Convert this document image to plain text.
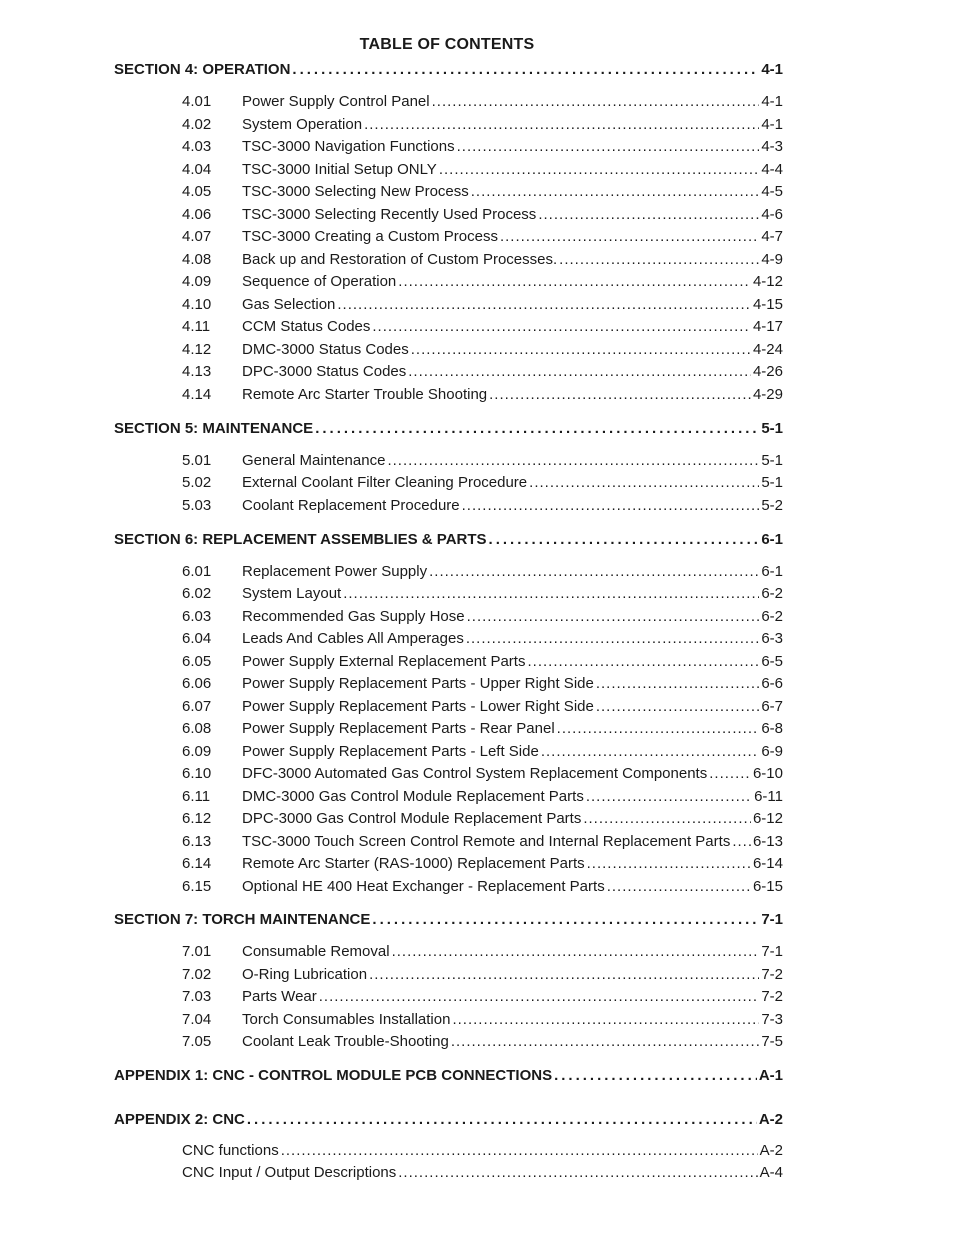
TABLE OF CONTENTS
SECTION 4: OPERATION .....	4-1
4.01	Power Supply Control Panel .....	4-1
4.02	System Operation .....	4-1
4.03	TSC-3000 Navigation Functions .....	4-3
4.04	TSC-3000 Initial Setup ONLY .....	4-4
4.05	TSC-3000 Selecting New Process .....	4-5
4.06	TSC-3000 Selecting Recently Used Process .....	4-6
4.07	TSC-3000 Creating a Custom Process .....	4-7
4.08	Back up and Restoration of Custom Processes. .....	4-9
4.09	Sequence of Operation .....	4-12
4.10	Gas Selection .....	4-15
4.11	CCM Status Codes .....	4-17
4.12	DMC-3000 Status Codes .....	4-24
4.13	DPC-3000 Status Codes .....	4-26
4.14	Remote Arc Starter Trouble Shooting .....	4-29
SECTION 5: MAINTENANCE .....	5-1
5.01	General Maintenance .....	5-1
5.02	External Coolant Filter Cleaning Procedure .....	5-1
5.03	Coolant Replacement Procedure .....	5-2
SECTION 6: REPLACEMENT ASSEMBLIES & PARTS .....	6-1
6.01	Replacement Power Supply .....	6-1
6.02	System Layout .....	6-2
6.03	Recommended Gas Supply Hose .....	6-2
6.04	Leads And Cables All Amperages .....	6-3
6.05	Power Supply External Replacement Parts .....	6-5
6.06	Power Supply Replacement Parts - Upper Right Side .....	6-6
6.07	Power Supply Replacement Parts - Lower Right Side .....	6-7
6.08	Power Supply Replacement Parts - Rear Panel .....	6-8
6.09	Power Supply Replacement Parts - Left Side .....	6-9
6.10	DFC-3000 Automated Gas Control System Replacement Components .....	6-10
6.11	DMC-3000 Gas Control Module Replacement Parts .....	6-11
6.12	DPC-3000 Gas Control Module Replacement Parts .....	6-12
6.13	TSC-3000 Touch Screen Control Remote and Internal Replacement Parts ..... 6-13
6.14	Remote Arc Starter (RAS-1000) Replacement Parts .....	6-14
6.15	Optional HE 400 Heat Exchanger - Replacement Parts .....	6-15
SECTION 7: TORCH MAINTENANCE .....	7-1
7.01	Consumable Removal .....	7-1
7.02	O-Ring Lubrication .....	7-2
7.03	Parts Wear .....	7-2
7.04	Torch Consumables Installation .....	7-3
7.05	Coolant Leak Trouble-Shooting .....	7-5
APPENDIX 1: CNC - CONTROL MODULE PCB CONNECTIONS .....	A-1
APPENDIX 2: CNC .....	A-2
CNC functions .....	A-2
CNC Input / Output Descriptions .....	A-4
